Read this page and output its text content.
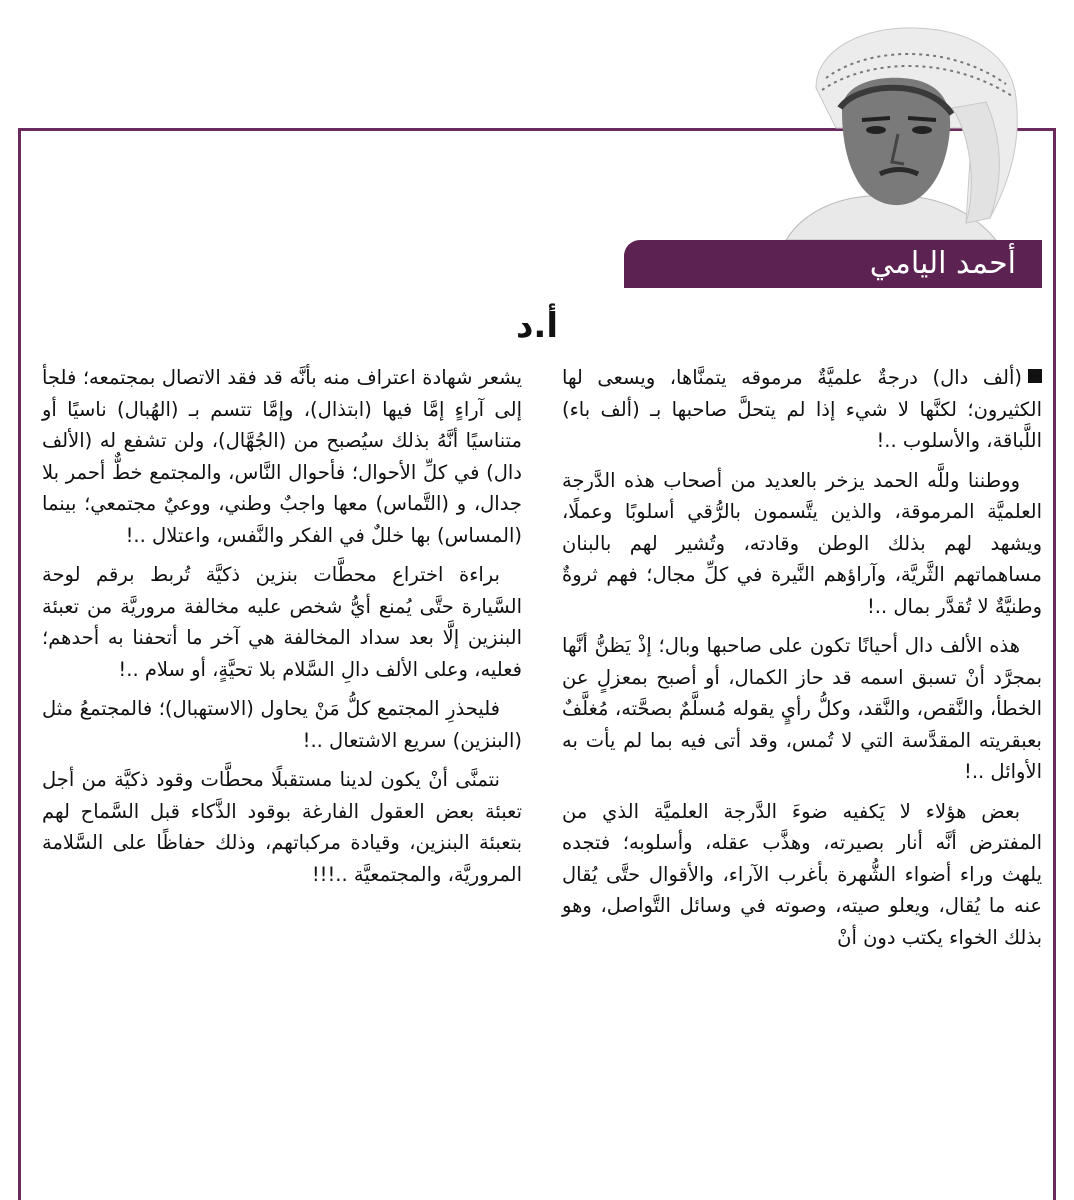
أحمد اليامي
أ.د

(ألف دال) درجةٌ علميَّةٌ مرموقه يتمنَّاها، ويسعى لها الكثيرون؛ لكنَّها لا شيء إذا لم يتحلَّ صاحبها بـ (ألف باء) اللَّباقة، والأسلوب ..!

ووطننا وللَّه الحمد يزخر بالعديد من أصحاب هذه الدَّرجة العلميَّة المرموقة، والذين يتَّسمون بالرُّقي أسلوبًا وعملًا، ويشهد لهم بذلك الوطن وقادته، وتُشير لهم بالبنان مساهماتهم الثَّريَّة، وآراؤهم النَّيرة في كلِّ مجال؛ فهم ثروةٌ وطنيَّةٌ لا تُقدَّر بمال ..!

هذه الألف دال أحيانًا تكون على صاحبها وبال؛ إذْ يَظنُّ أنَّها بمجرَّد أنْ تسبق اسمه قد حاز الكمال، أو أصبح بمعزلٍ عن الخطأ، والنَّقص، والنَّقد، وكلُّ رأيٍ يقوله مُسلَّمٌ بصحَّته، مُغلَّفٌ بعبقريته المقدَّسة التي لا تُمس، وقد أتى فيه بما لم يأت به الأوائل ..!

بعض هؤلاء لا يَكفيه ضوءَ الدَّرجة العلميَّة الذي من المفترض أنَّه أنار بصيرته، وهذَّب عقله، وأسلوبه؛ فتجده يلهث وراء أضواء الشُّهرة بأغرب الآراء، والأقوال حتَّى يُقال عنه ما يُقال، ويعلو صيته، وصوته في وسائل التَّواصل، وهو بذلك الخواء يكتب دون أنْ

يشعر شهادة اعتراف منه بأنَّه قد فقد الاتصال بمجتمعه؛ فلجأ إلى آراءٍ إمَّا فيها (ابتذال)، وإمَّا تتسم بـ (الهُبال) ناسيًا أو متناسيًا أنَّهُ بذلك سيُصبح من (الجُهَّال)، ولن تشفع له (الألف دال) في كلِّ الأحوال؛ فأحوال النَّاس، والمجتمع خطٌّ أحمر بلا جدال، و (التَّماس) معها واجبٌ وطني، ووعيٌ مجتمعي؛ بينما (المساس) بها خللٌ في الفكر والنَّفس، واعتلال ..!

براءة اختراع محطَّات بنزين ذكيَّة تُربط برقم لوحة السَّيارة حتَّى يُمنع أيُّ شخص عليه مخالفة مروريَّة من تعبئة البنزين إلَّا بعد سداد المخالفة هي آخر ما أتحفنا به أحدهم؛ فعليه، وعلى الألف دالِ السَّلام بلا تحيَّةٍ، أو سلام ..!

فليحذرِ المجتمع كلُّ مَنْ يحاول (الاستهبال)؛ فالمجتمعُ مثل (البنزين) سريع الاشتعال ..!

نتمنَّى أنْ يكون لدينا مستقبلًا محطَّات وقود ذكيَّة من أجل تعبئة بعض العقول الفارغة بوقود الذَّكاء قبل السَّماح لهم بتعبئة البنزين، وقيادة مركباتهم، وذلك حفاظًا على السَّلامة المروريَّة، والمجتمعيَّة ..!!!
